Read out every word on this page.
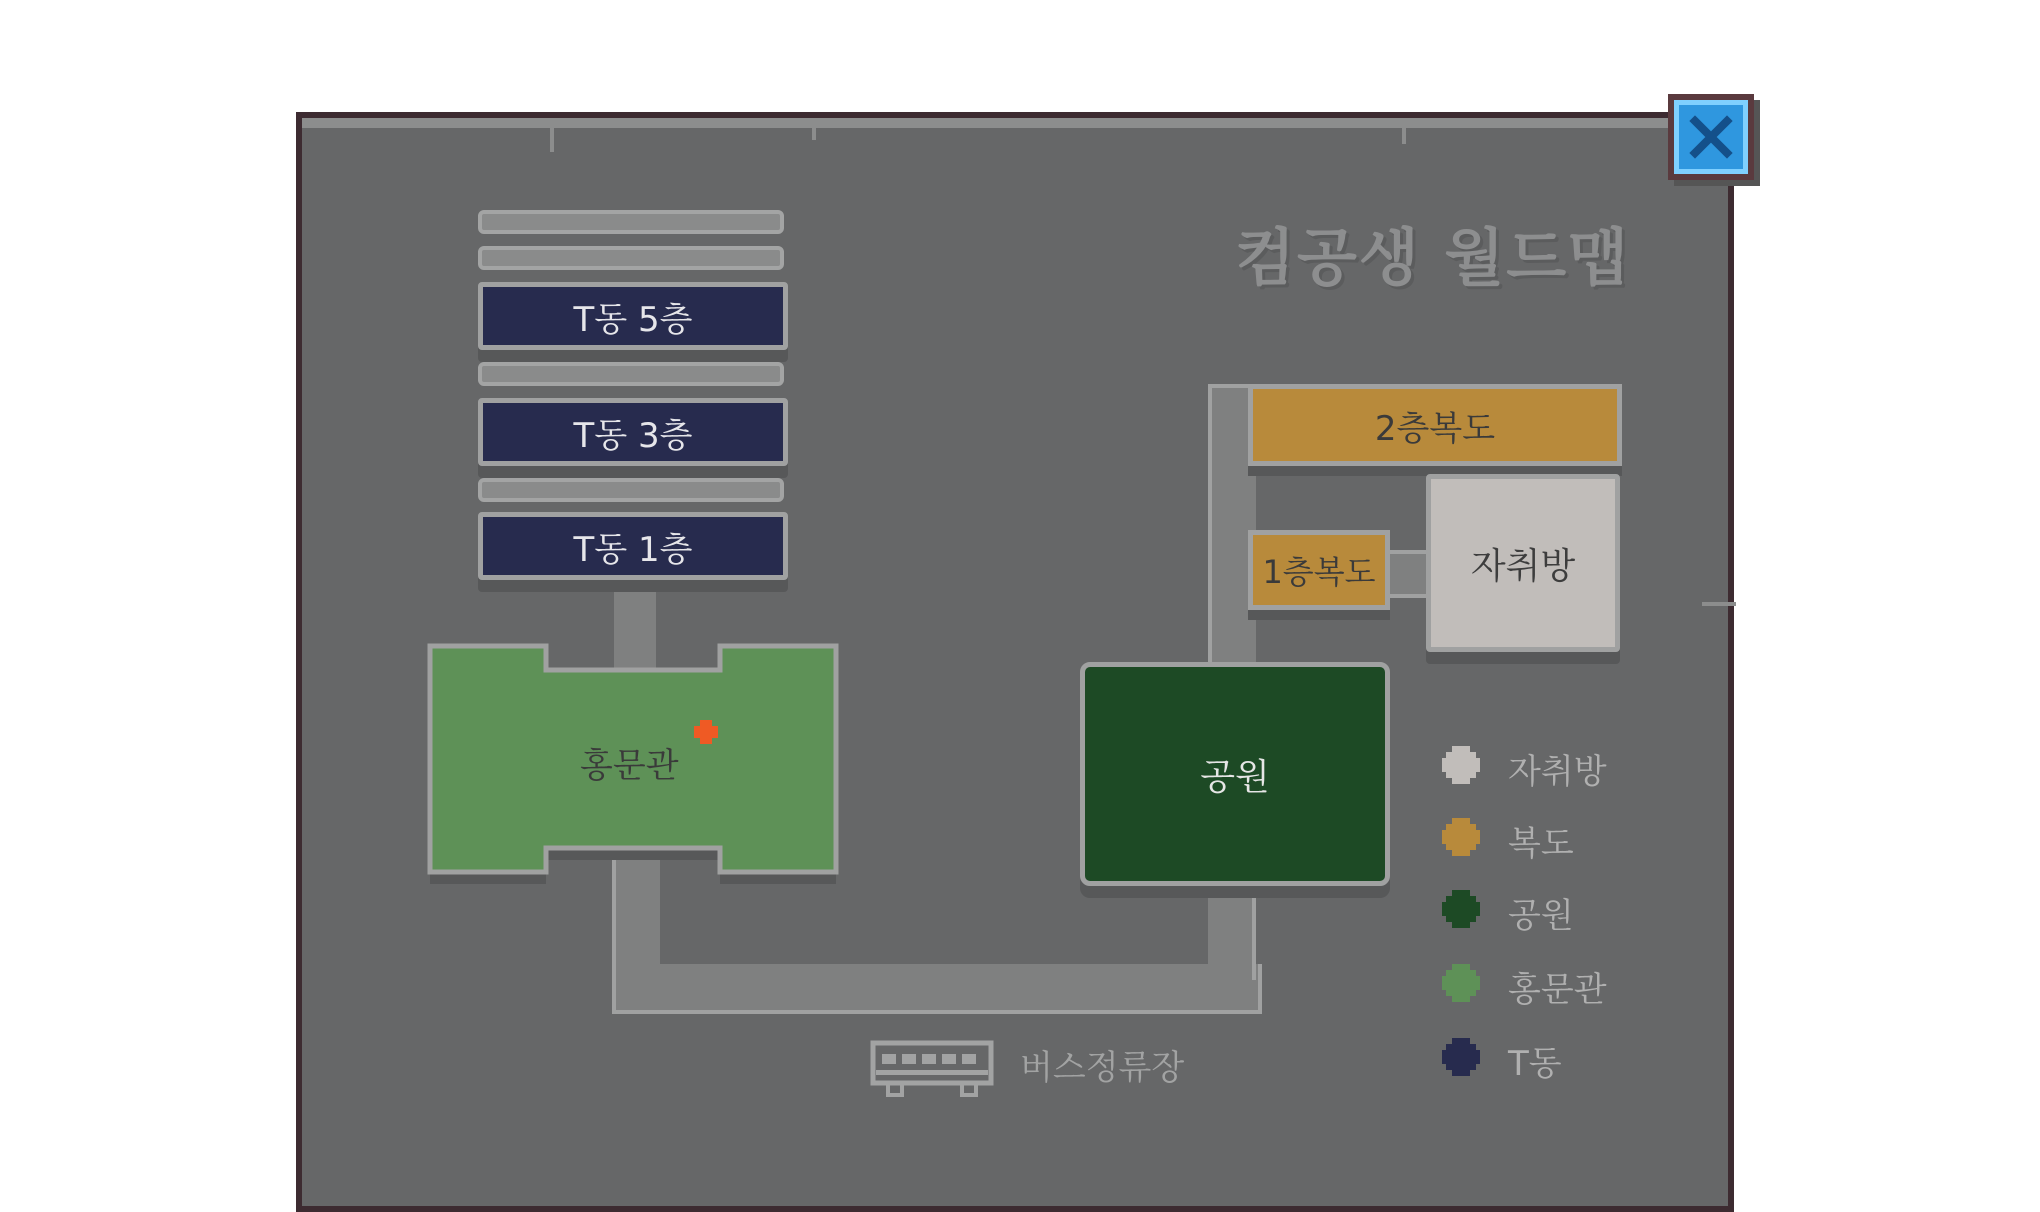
컴공생 월드맵
T동 5층
T동 3층
T동 1층
홍문관	공원
2층복도
1층복도	자취방
버스정류장
자취방
복도
공원
홍문관
T동
